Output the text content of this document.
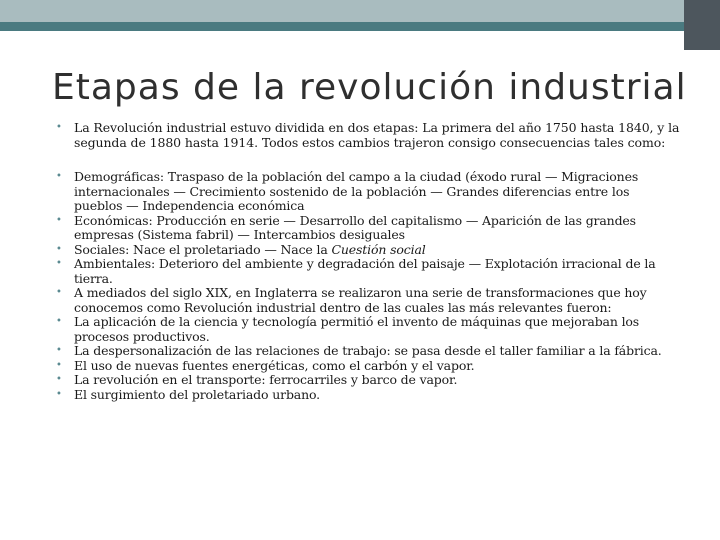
Etapas de la revolución industrial
• La Revolución industrial estuvo dividida en dos etapas: La primera del año 1750 hasta 1840, y la segunda de 1880 hasta 1914. Todos estos cambios trajeron consigo consecuencias tales como:
• Demográficas: Traspaso de la población del campo a la ciudad (éxodo rural — Migraciones internacionales — Crecimiento sostenido de la población — Grandes diferencias entre los pueblos — Independencia económica
• Económicas: Producción en serie — Desarrollo del capitalismo — Aparición de las grandes empresas (Sistema fabril) — Intercambios desiguales
• Sociales: Nace el proletariado — Nace la Cuestión social
• Ambientales: Deterioro del ambiente y degradación del paisaje — Explotación irracional de la tierra.
• A mediados del siglo XIX, en Inglaterra se realizaron una serie de transformaciones que hoy conocemos como Revolución industrial dentro de las cuales las más relevantes fueron:
• La aplicación de la ciencia y tecnología permitió el invento de máquinas que mejoraban los procesos productivos.
• La despersonalización de las relaciones de trabajo: se pasa desde el taller familiar a la fábrica.
• El uso de nuevas fuentes energéticas, como el carbón y el vapor.
• La revolución en el transporte: ferrocarriles y barco de vapor.
• El surgimiento del proletariado urbano.
